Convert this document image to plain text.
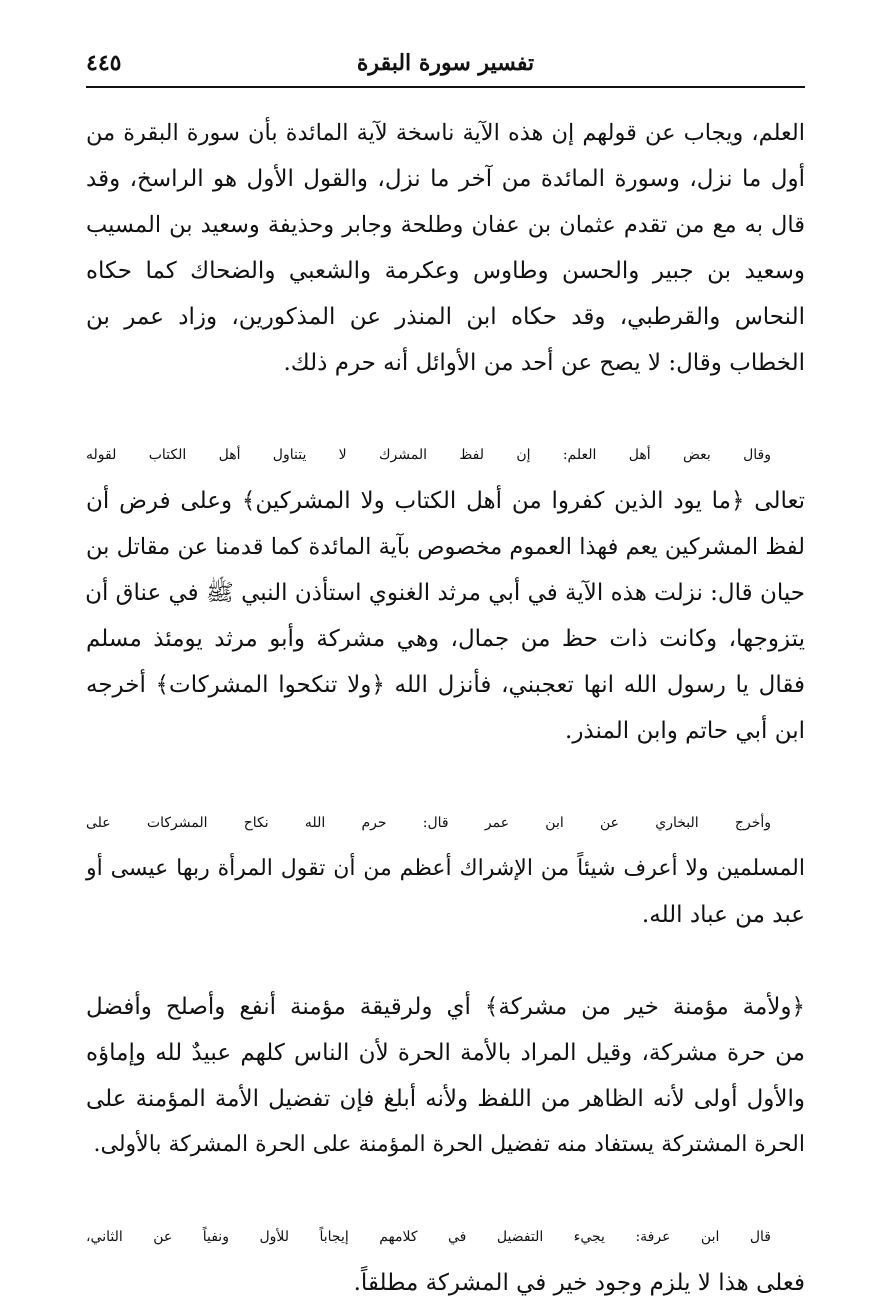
تفسير سورة البقرة
٤٤٥
العلم، ويجاب عن قولهم إن هذه الآية ناسخة لآية المائدة بأن سورة البقرة من
أول ما نزل، وسورة المائدة من آخر ما نزل، والقول الأول هو الراسخ، وقد
قال به مع من تقدم عثمان بن عفان وطلحة وجابر وحذيفة وسعيد بن المسيب
وسعيد بن جبير والحسن وطاوس وعكرمة والشعبي والضحاك كما حكاه
النحاس والقرطبي، وقد حكاه ابن المنذر عن المذكورين، وزاد عمر بن
الخطاب وقال: لا يصح عن أحد من الأوائل أنه حرم ذلك.
وقال بعض أهل العلم: إن لفظ المشرك لا يتناول أهل الكتاب لقوله
تعالى ﴿ما يود الذين كفروا من أهل الكتاب ولا المشركين﴾ وعلى فرض أن
لفظ المشركين يعم فهذا العموم مخصوص بآية المائدة كما قدمنا عن مقاتل بن
حيان قال: نزلت هذه الآية في أبي مرثد الغنوي استأذن النبي ﷺ في عناق أن
يتزوجها، وكانت ذات حظ من جمال، وهي مشركة وأبو مرثد يومئذ مسلم
فقال يا رسول الله انها تعجبني، فأنزل الله ﴿ولا تنكحوا المشركات﴾ أخرجه
ابن أبي حاتم وابن المنذر.
وأخرج البخاري عن ابن عمر قال: حرم الله نكاح المشركات على
المسلمين ولا أعرف شيئاً من الإشراك أعظم من أن تقول المرأة ربها عيسى أو
عبد من عباد الله.
﴿ولأمة مؤمنة خير من مشركة﴾ أي ولرقيقة مؤمنة أنفع وأصلح وأفضل
من حرة مشركة، وقيل المراد بالأمة الحرة لأن الناس كلهم عبيدٌ لله وإماؤه
والأول أولى لأنه الظاهر من اللفظ ولأنه أبلغ فإن تفضيل الأمة المؤمنة على
الحرة المشتركة يستفاد منه تفضيل الحرة المؤمنة على الحرة المشركة بالأولى.
قال ابن عرفة: يجيء التفضيل في كلامهم إيجاباً للأول ونفياً عن الثاني،
فعلى هذا لا يلزم وجود خير في المشركة مطلقاً.
